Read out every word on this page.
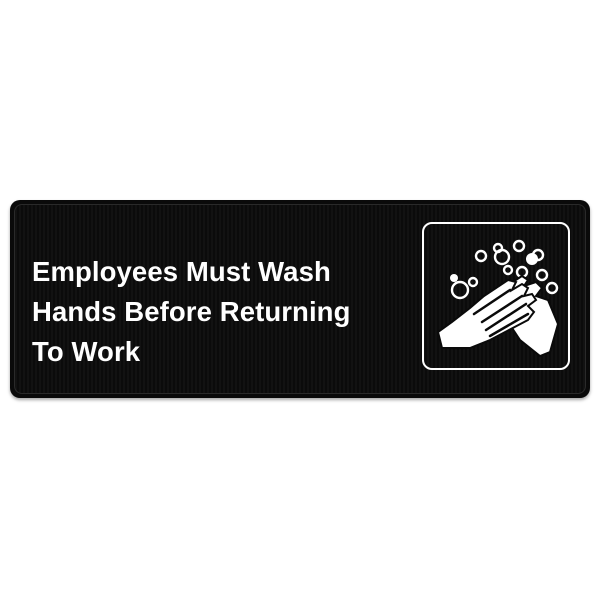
Employees Must Wash
Hands Before Returning
To Work
